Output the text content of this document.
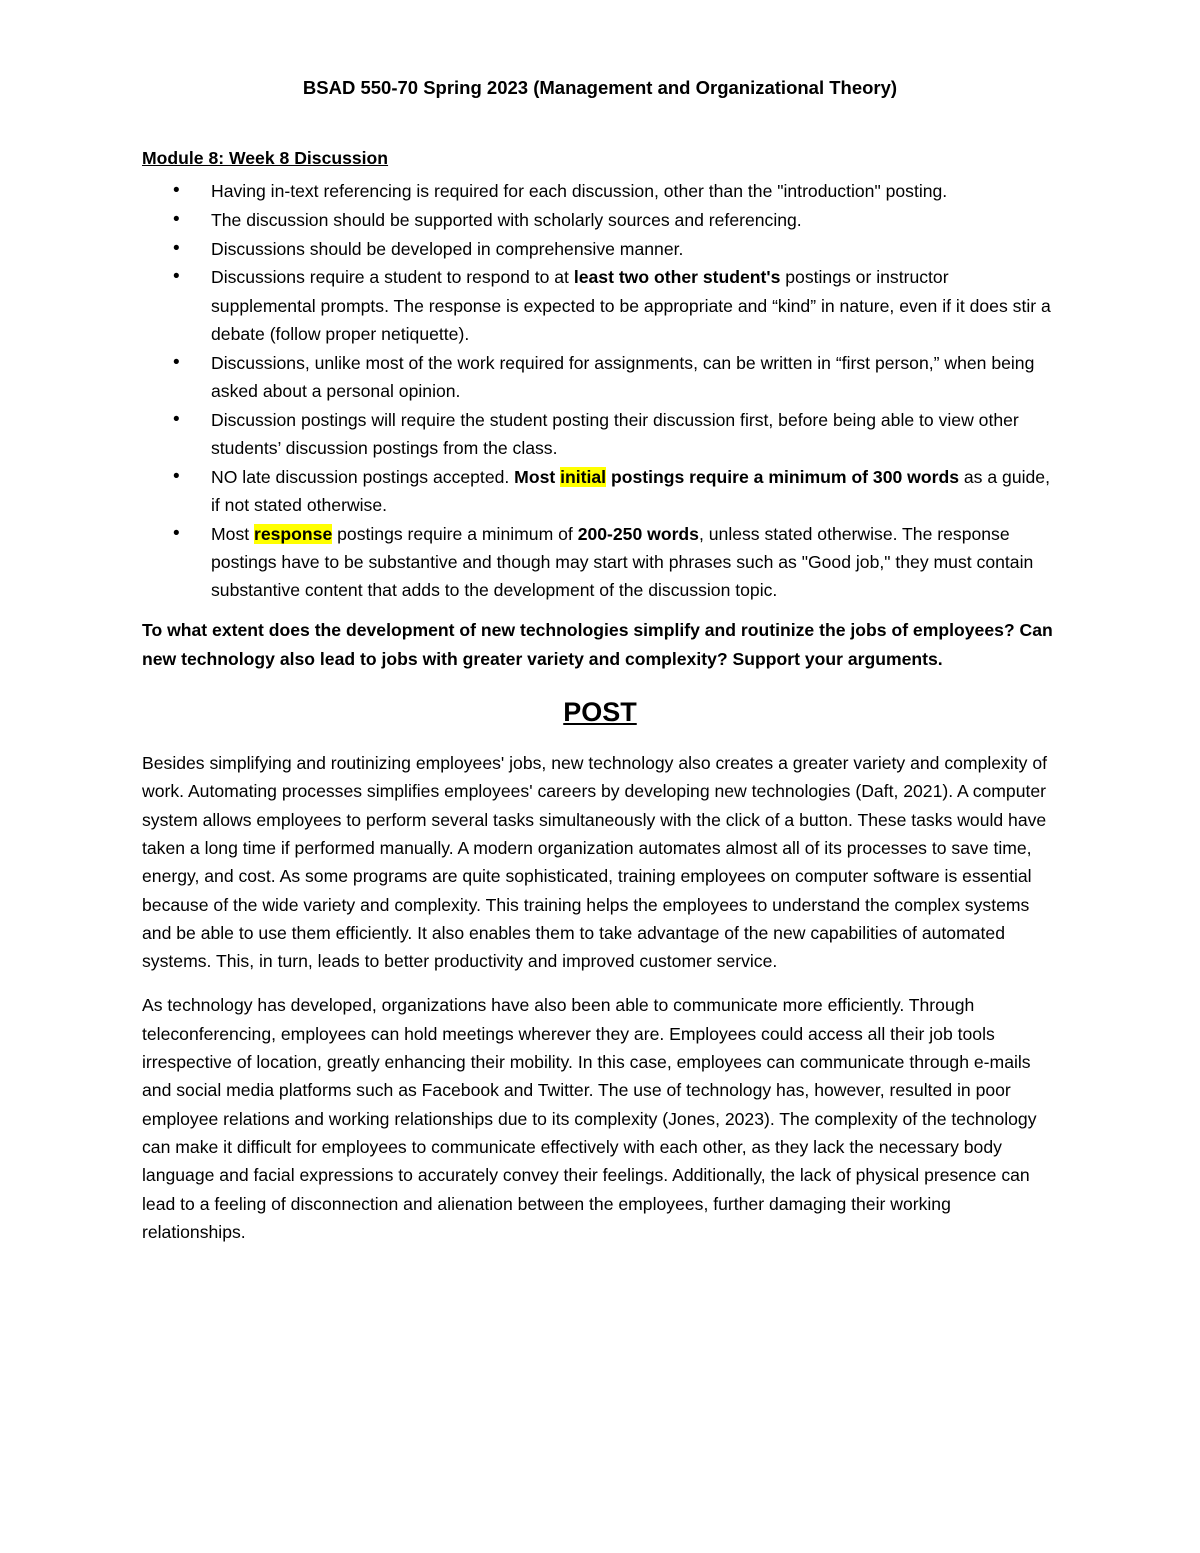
BSAD 550-70 Spring 2023 (Management and Organizational Theory)
Module 8: Week 8 Discussion
• Having in-text referencing is required for each discussion, other than the "introduction" posting.
• The discussion should be supported with scholarly sources and referencing.
• Discussions should be developed in comprehensive manner.
• Discussions require a student to respond to at least two other student's postings or instructor supplemental prompts. The response is expected to be appropriate and “kind” in nature, even if it does stir a debate (follow proper netiquette).
• Discussions, unlike most of the work required for assignments, can be written in “first person,” when being asked about a personal opinion.
• Discussion postings will require the student posting their discussion first, before being able to view other students’ discussion postings from the class.
• NO late discussion postings accepted. Most initial postings require a minimum of 300 words as a guide, if not stated otherwise.
• Most response postings require a minimum of 200-250 words, unless stated otherwise. The response postings have to be substantive and though may start with phrases such as "Good job," they must contain substantive content that adds to the development of the discussion topic.
To what extent does the development of new technologies simplify and routinize the jobs of employees? Can new technology also lead to jobs with greater variety and complexity? Support your arguments.
POST

Besides simplifying and routinizing employees' jobs, new technology also creates a greater variety and complexity of work. Automating processes simplifies employees' careers by developing new technologies (Daft, 2021). A computer system allows employees to perform several tasks simultaneously with the click of a button. These tasks would have taken a long time if performed manually. A modern organization automates almost all of its processes to save time, energy, and cost. As some programs are quite sophisticated, training employees on computer software is essential because of the wide variety and complexity. This training helps the employees to understand the complex systems and be able to use them efficiently. It also enables them to take advantage of the new capabilities of automated systems. This, in turn, leads to better productivity and improved customer service.

As technology has developed, organizations have also been able to communicate more efficiently. Through teleconferencing, employees can hold meetings wherever they are. Employees could access all their job tools irrespective of location, greatly enhancing their mobility. In this case, employees can communicate through e-mails and social media platforms such as Facebook and Twitter. The use of technology has, however, resulted in poor employee relations and working relationships due to its complexity (Jones, 2023). The complexity of the technology can make it difficult for employees to communicate effectively with each other, as they lack the necessary body language and facial expressions to accurately convey their feelings. Additionally, the lack of physical presence can lead to a feeling of disconnection and alienation between the employees, further damaging their working relationships.
